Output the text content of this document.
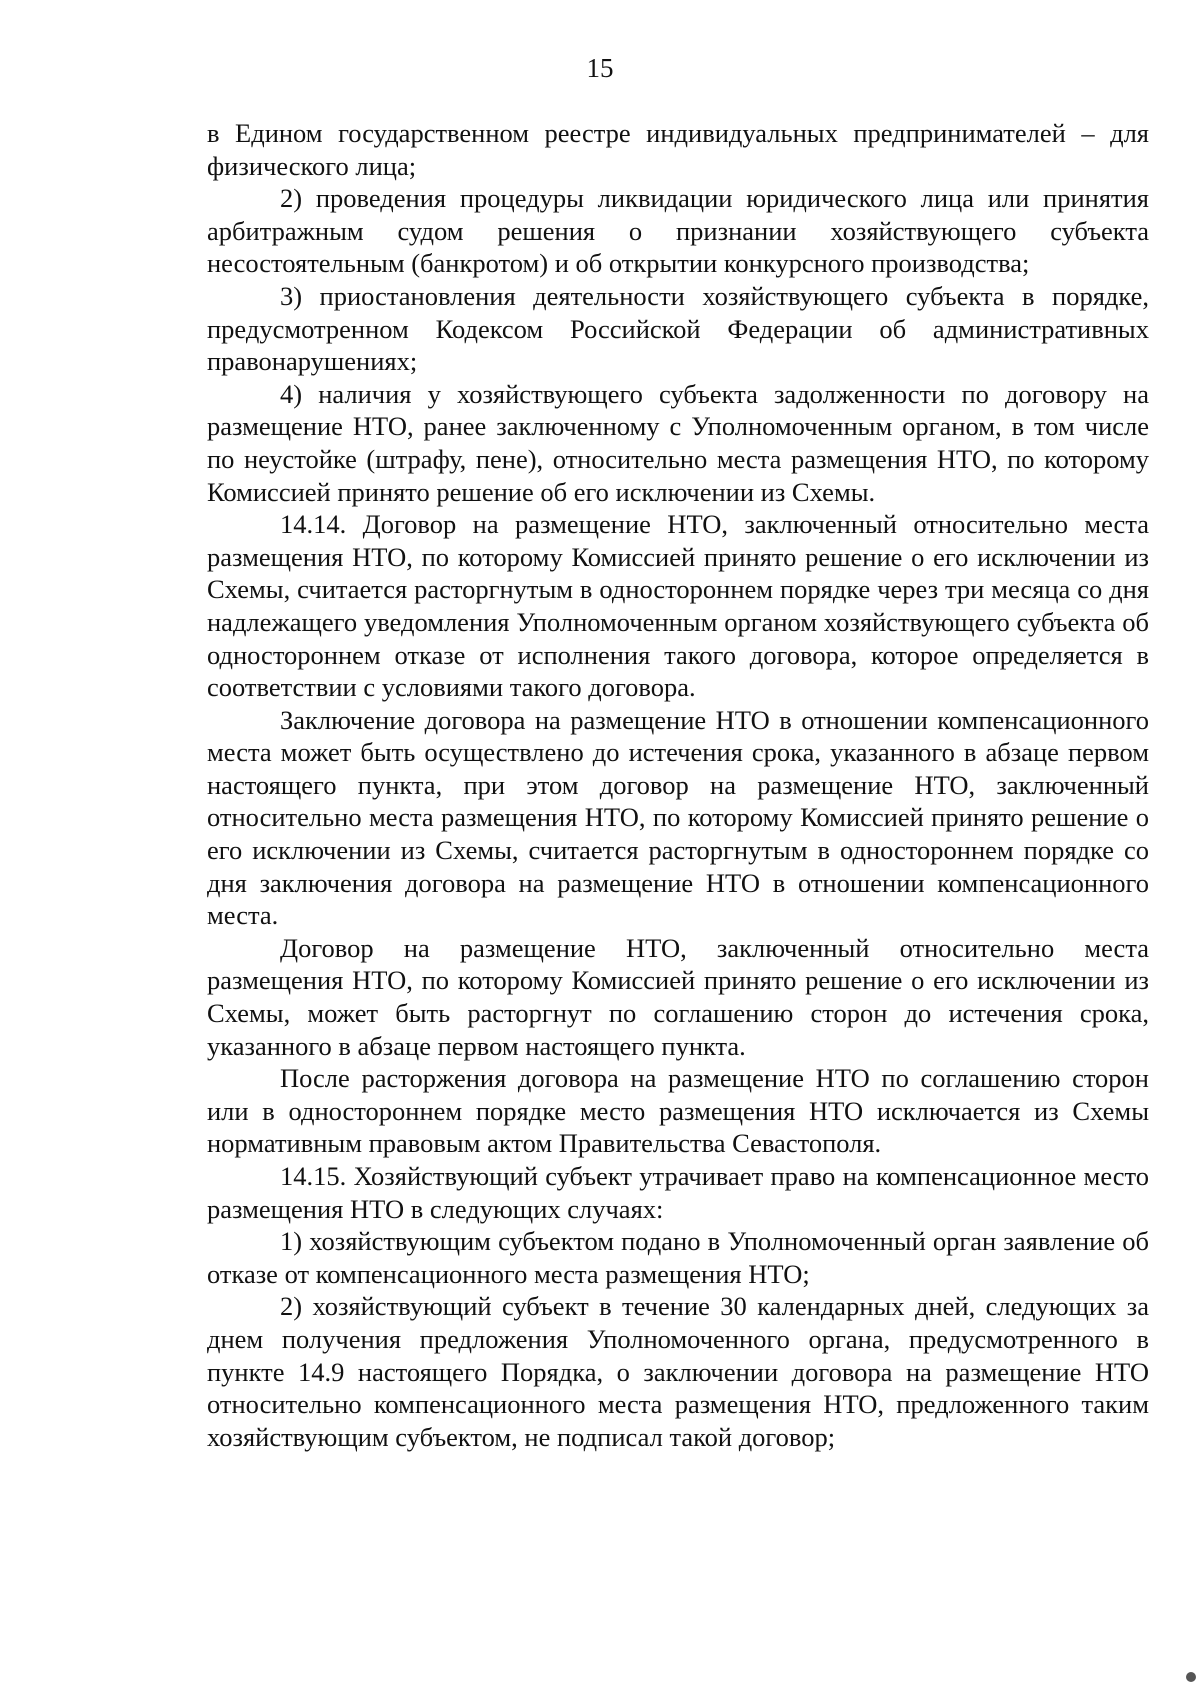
15

в Едином государственном реестре индивидуальных предпринимателей – для физического лица;

2) проведения процедуры ликвидации юридического лица или принятия арбитражным судом решения о признании хозяйствующего субъекта несостоятельным (банкротом) и об открытии конкурсного производства;

3) приостановления деятельности хозяйствующего субъекта в порядке, предусмотренном Кодексом Российской Федерации об административных правонарушениях;

4) наличия у хозяйствующего субъекта задолженности по договору на размещение НТО, ранее заключенному с Уполномоченным органом, в том числе по неустойке (штрафу, пене), относительно места размещения НТО, по которому Комиссией принято решение об его исключении из Схемы.

14.14. Договор на размещение НТО, заключенный относительно места размещения НТО, по которому Комиссией принято решение о его исключении из Схемы, считается расторгнутым в одностороннем порядке через три месяца со дня надлежащего уведомления Уполномоченным органом хозяйствующего субъекта об одностороннем отказе от исполнения такого договора, которое определяется в соответствии с условиями такого договора.

Заключение договора на размещение НТО в отношении компенсационного места может быть осуществлено до истечения срока, указанного в абзаце первом настоящего пункта, при этом договор на размещение НТО, заключенный относительно места размещения НТО, по которому Комиссией принято решение о его исключении из Схемы, считается расторгнутым в одностороннем порядке со дня заключения договора на размещение НТО в отношении компенсационного места.

Договор на размещение НТО, заключенный относительно места размещения НТО, по которому Комиссией принято решение о его исключении из Схемы, может быть расторгнут по соглашению сторон до истечения срока, указанного в абзаце первом настоящего пункта.

После расторжения договора на размещение НТО по соглашению сторон или в одностороннем порядке место размещения НТО исключается из Схемы нормативным правовым актом Правительства Севастополя.

14.15. Хозяйствующий субъект утрачивает право на компенсационное место размещения НТО в следующих случаях:

1) хозяйствующим субъектом подано в Уполномоченный орган заявление об отказе от компенсационного места размещения НТО;

2) хозяйствующий субъект в течение 30 календарных дней, следующих за днем получения предложения Уполномоченного органа, предусмотренного в пункте 14.9 настоящего Порядка, о заключении договора на размещение НТО относительно компенсационного места размещения НТО, предложенного таким хозяйствующим субъектом, не подписал такой договор;
